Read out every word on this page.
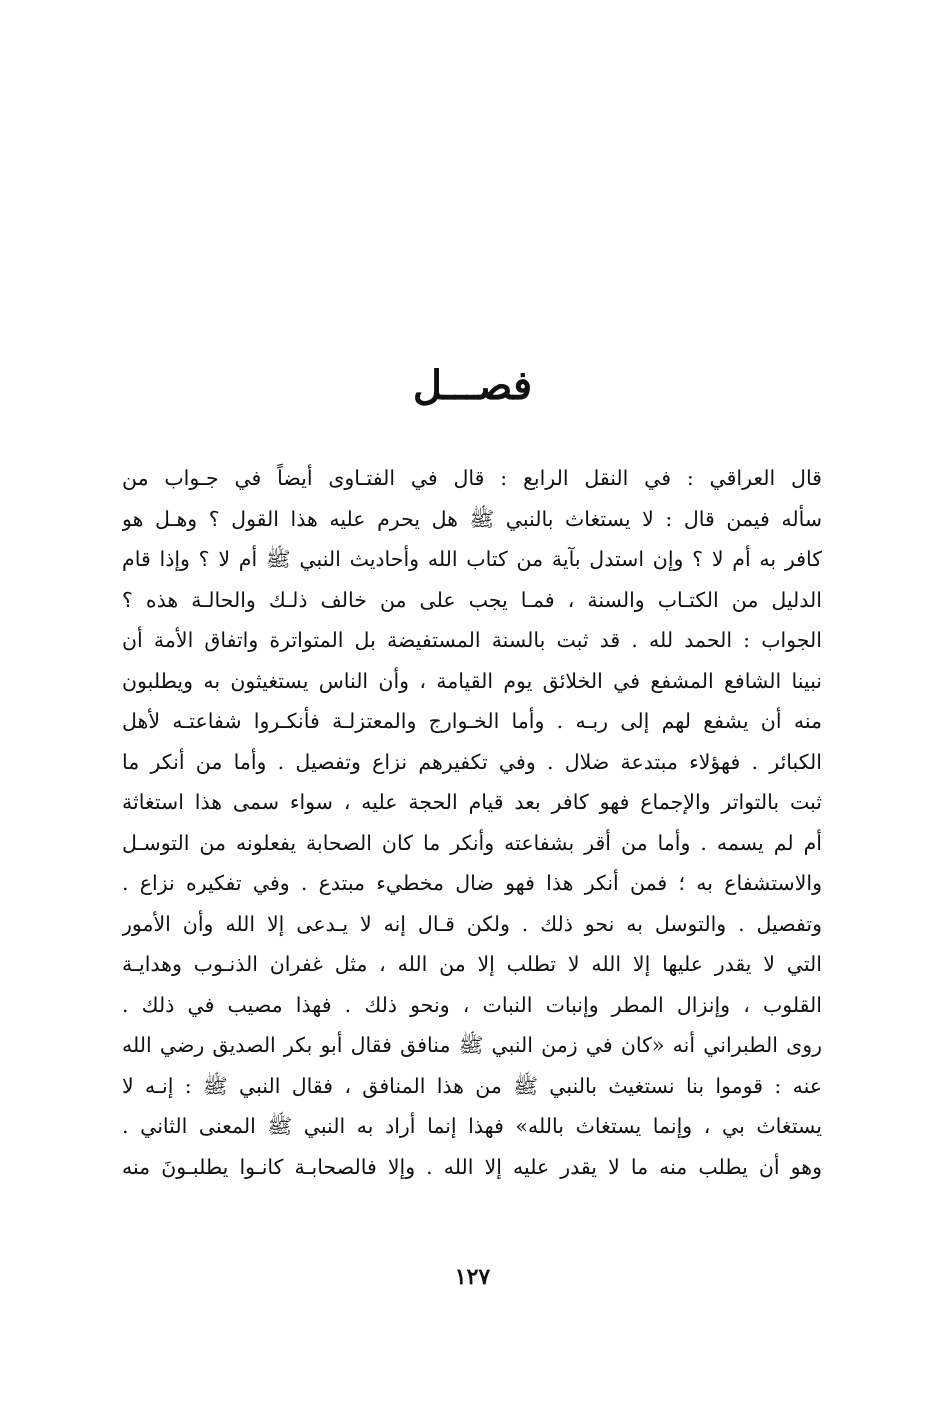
فصـــل
قال العراقي : في النقل الرابع : قال في الفتـاوى أيضاً في جـواب من
سأله فيمن قال : لا يستغاث بالنبي ﷺ هل يحرم عليه هذا القول ؟ وهـل هو
كافر به أم لا ؟ وإن استدل بآية من كتاب الله وأحاديث النبي ﷺ أم لا ؟ وإذا قام
الدليل من الكتـاب والسنة ، فمـا يجب على من خالف ذلـك والحالـة هذه ؟
الجواب : الحمد لله . قد ثبت بالسنة المستفيضة بل المتواترة واتفاق الأمة أن
نبينا الشافع المشفع في الخلائق يوم القيامة ، وأن الناس يستغيثون به ويطلبون
منه أن يشفع لهم إلى ربـه . وأما الخـوارج والمعتزلـة فأنكـروا شفاعتـه لأهل
الكبائر . فهؤلاء مبتدعة ضلال . وفي تكفيرهم نزاع وتفصيل . وأما من أنكر ما
ثبت بالتواتر والإجماع فهو كافر بعد قيام الحجة عليه ، سواء سمى هذا استغاثة
أم لم يسمه . وأما من أقر بشفاعته وأنكر ما كان الصحابة يفعلونه من التوسـل
والاستشفاع به ؛ فمن أنكر هذا فهو ضال مخطيء مبتدع . وفي تفكيره نزاع .
وتفصيل . والتوسل به نحو ذلك . ولكن قـال إنه لا يـدعى إلا الله وأن الأمور
التي لا يقدر عليها إلا الله لا تطلب إلا من الله ، مثل غفران الذنـوب وهدايـة
القلوب ، وإنزال المطر وإنبات النبات ، ونحو ذلك . فهذا مصيب في ذلك .
روى الطبراني أنه «كان في زمن النبي ﷺ منافق فقال أبو بكر الصديق رضي الله
عنه : قوموا بنا نستغيث بالنبي ﷺ من هذا المنافق ، فقال النبي ﷺ : إنـه لا
يستغاث بي ، وإنما يستغاث بالله» فهذا إنما أراد به النبي ﷺ المعنى الثاني .
وهو أن يطلب منه ما لا يقدر عليه إلا الله . وإلا فالصحابـة كانـوا يطلبـونَ منه
١٢٧
